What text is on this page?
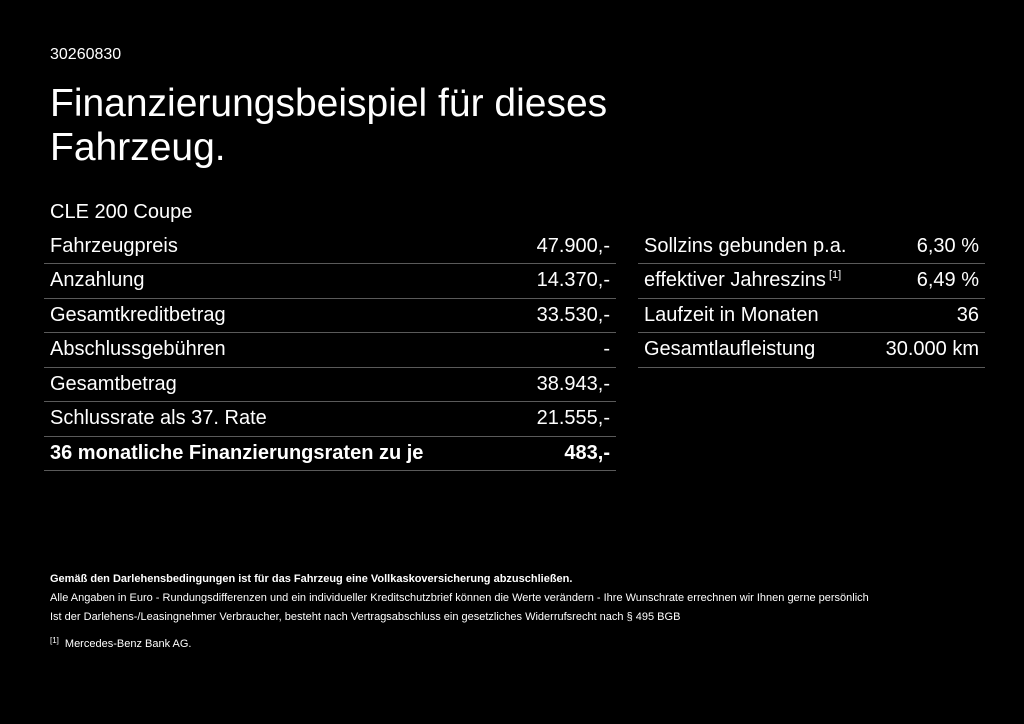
30260830
Finanzierungsbeispiel für dieses Fahrzeug.
CLE 200 Coupe
Fahrzeugpreis	47.900,-
Anzahlung	14.370,-
Gesamtkreditbetrag	33.530,-
Abschlussgebühren	-
Gesamtbetrag	38.943,-
Schlussrate als 37. Rate	21.555,-
36 monatliche Finanzierungsraten zu je	483,-
Sollzins gebunden p.a.	6,30 %
effektiver Jahreszins [1]	6,49 %
Laufzeit in Monaten	36
Gesamtlaufleistung	30.000 km
Gemäß den Darlehensbedingungen ist für das Fahrzeug eine Vollkaskoversicherung abzuschließen.
Alle Angaben in Euro - Rundungsdifferenzen und ein individueller Kreditschutzbrief können die Werte verändern - Ihre Wunschrate errechnen wir Ihnen gerne persönlich
Ist der Darlehens-/Leasingnehmer Verbraucher, besteht nach Vertragsabschluss ein gesetzliches Widerrufsrecht nach § 495 BGB
[1] Mercedes-Benz Bank AG.
